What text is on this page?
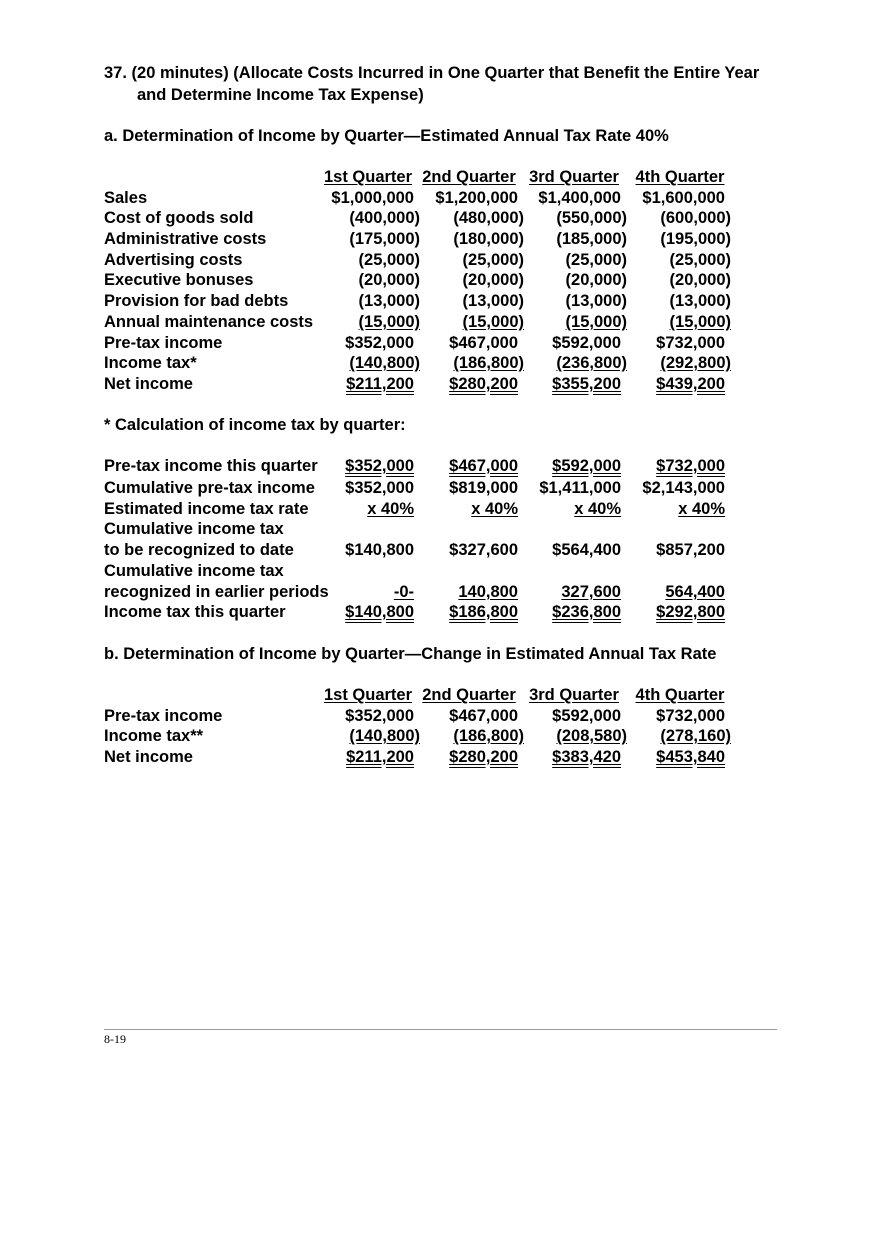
37. (20 minutes) (Allocate Costs Incurred in One Quarter that Benefit the Entire Year
and Determine Income Tax Expense)
a. Determination of Income by Quarter—Estimated Annual Tax Rate 40%
1st Quarter 2nd Quarter 3rd Quarter 4th Quarter
Sales	$1,000,000 $1,200,000 $1,400,000 $1,600,000
Cost of goods sold	(400,000) (480,000) (550,000) (600,000)
Administrative costs	(175,000) (180,000) (185,000) (195,000)
Advertising costs	(25,000)	(25,000)	(25,000)	(25,000)
Executive bonuses	(20,000)	(20,000)	(20,000)	(20,000)
Provision for bad debts	(13,000)	(13,000)	(13,000)	(13,000)
Annual maintenance costs	(15,000)	(15,000)	(15,000)	(15,000)
Pre-tax income	$352,000 $467,000 $592,000 $732,000
Income tax*	(140,800) (186,800) (236,800) (292,800)
Net income	$211,200 $280,200 $355,200 $439,200
* Calculation of income tax by quarter:
Pre-tax income this quarter $352,000 $467,000 $592,000 $732,000
Cumulative pre-tax income $352,000 $819,000 $1,411,000 $2,143,000
Estimated income tax rate	x 40%	x 40%	x 40%	x 40%
Cumulative income tax
to be recognized to date	$140,800 $327,600 $564,400 $857,200
Cumulative income tax
recognized in earlier periods	-0-	140,800	327,600	564,400
Income tax this quarter	$140,800 $186,800 $236,800 $292,800
b. Determination of Income by Quarter—Change in Estimated Annual Tax Rate
1st Quarter 2nd Quarter 3rd Quarter 4th Quarter
Pre-tax income	$352,000 $467,000 $592,000 $732,000
Income tax**	(140,800) (186,800) (208,580) (278,160)
Net income	$211,200 $280,200 $383,420 $453,840
8-19
